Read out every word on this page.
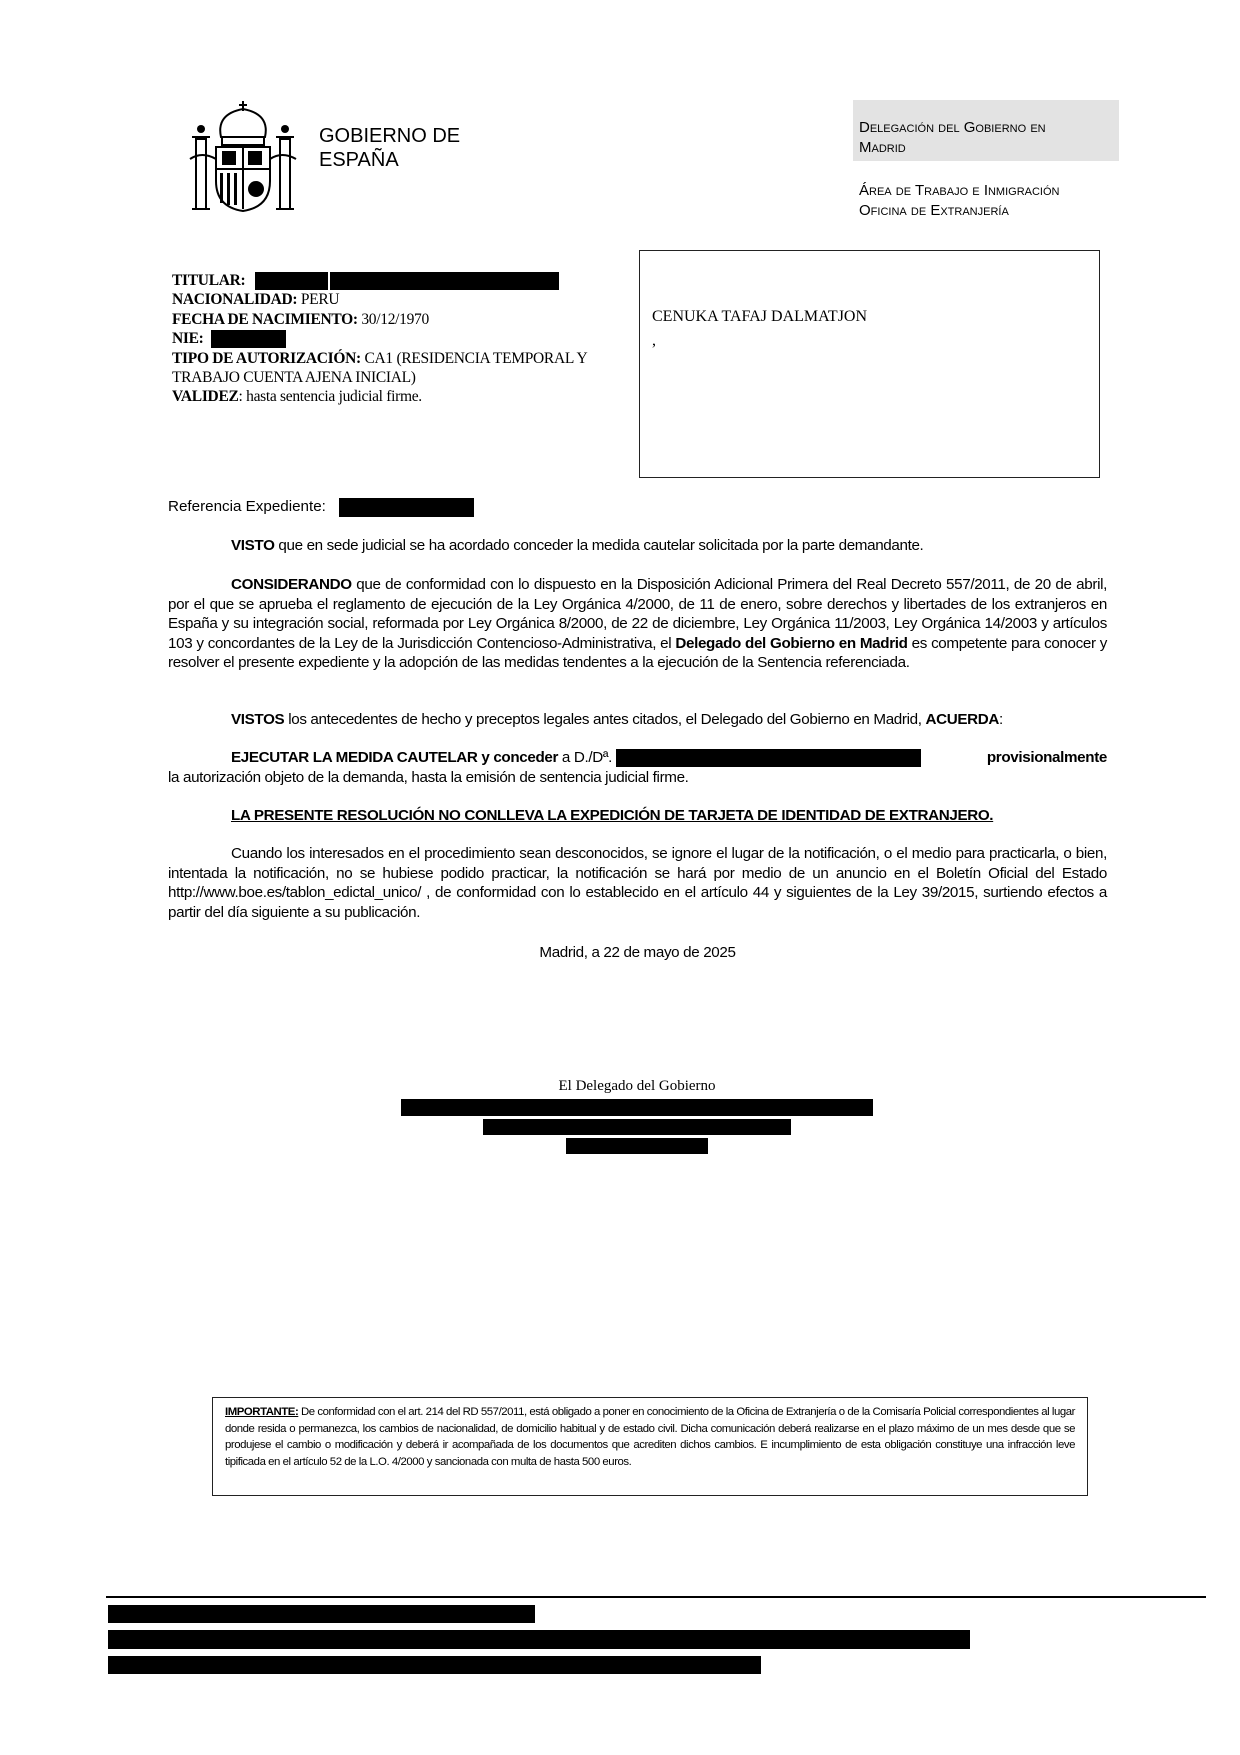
GOBIERNO DE
ESPAÑA
Delegación del Gobierno en
Madrid
Área de Trabajo e Inmigración
Oficina de Extranjería
TITULAR:
NACIONALIDAD: PERU
FECHA DE NACIMIENTO: 30/12/1970
NIE:
TIPO DE AUTORIZACIÓN: CA1 (RESIDENCIA TEMPORAL Y TRABAJO CUENTA AJENA INICIAL)
VALIDEZ: hasta sentencia judicial firme.
CENUKA TAFAJ DALMATJON
,
Referencia Expediente:
VISTO que en sede judicial se ha acordado conceder la medida cautelar solicitada por la parte demandante.
CONSIDERANDO que de conformidad con lo dispuesto en la Disposición Adicional Primera del Real Decreto 557/2011, de 20 de abril, por el que se aprueba el reglamento de ejecución de la Ley Orgánica 4/2000, de 11 de enero, sobre derechos y libertades de los extranjeros en España y su integración social, reformada por Ley Orgánica 8/2000, de 22 de diciembre, Ley Orgánica 11/2003, Ley Orgánica 14/2003 y artículos 103 y concordantes de la Ley de la Jurisdicción Contencioso-Administrativa, el Delegado del Gobierno en Madrid es competente para conocer y resolver el presente expediente y la adopción de las medidas tendentes a la ejecución de la Sentencia referenciada.
VISTOS los antecedentes de hecho y preceptos legales antes citados, el Delegado del Gobierno en Madrid, ACUERDA:
EJECUTAR LA MEDIDA CAUTELAR y conceder a D./Dª.	provisionalmente
la autorización objeto de la demanda, hasta la emisión de sentencia judicial firme.
LA PRESENTE RESOLUCIÓN NO CONLLEVA LA EXPEDICIÓN DE TARJETA DE IDENTIDAD DE EXTRANJERO.
Cuando los interesados en el procedimiento sean desconocidos, se ignore el lugar de la notificación, o el medio para practicarla, o bien, intentada la notificación, no se hubiese podido practicar, la notificación se hará por medio de un anuncio en el Boletín Oficial del Estado http://www.boe.es/tablon_edictal_unico/ , de conformidad con lo establecido en el artículo 44 y siguientes de la Ley 39/2015, surtiendo efectos a partir del día siguiente a su publicación.
Madrid, a 22 de mayo de 2025
El Delegado del Gobierno
IMPORTANTE: De conformidad con el art. 214 del RD 557/2011, está obligado a poner en conocimiento de la Oficina de Extranjería o de la Comisaría Policial correspondientes al lugar donde resida o permanezca, los cambios de nacionalidad, de domicilio habitual y de estado civil. Dicha comunicación deberá realizarse en el plazo máximo de un mes desde que se produjese el cambio o modificación y deberá ir acompañada de los documentos que acrediten dichos cambios. E incumplimiento de esta obligación constituye una infracción leve tipificada en el artículo 52 de la L.O. 4/2000 y sancionada con multa de hasta 500 euros.
